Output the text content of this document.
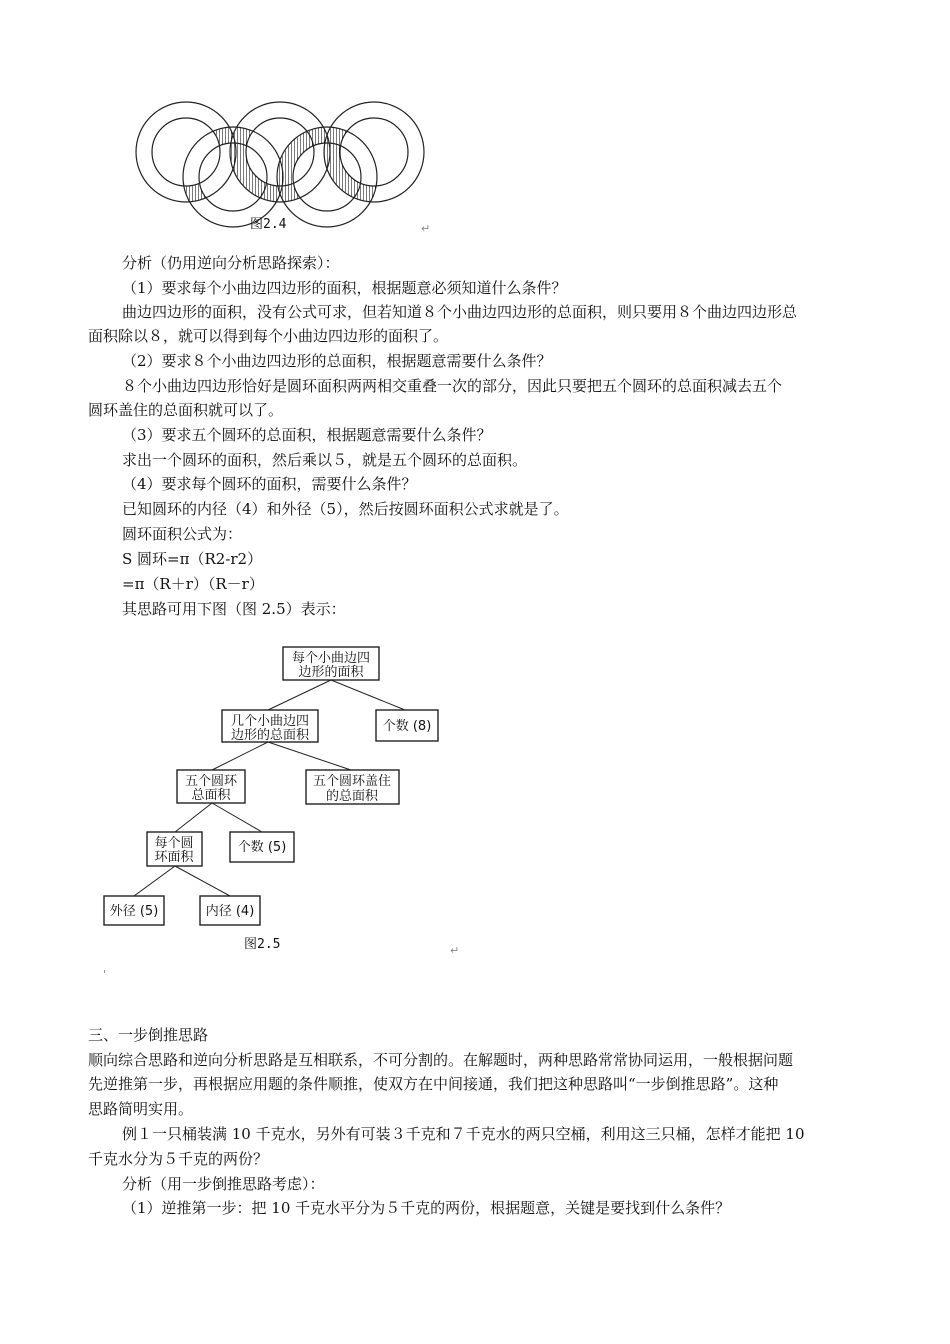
图2.4	↵
分析（仍用逆向分析思路探索）：
（1）要求每个小曲边四边形的面积，根据题意必须知道什么条件？
曲边四边形的面积，没有公式可求，但若知道８个小曲边四边形的总面积，则只要用８个曲边四边形总
面积除以８，就可以得到每个小曲边四边形的面积了。
（2）要求８个小曲边四边形的总面积，根据题意需要什么条件？
８个小曲边四边形恰好是圆环面积两两相交重叠一次的部分，因此只要把五个圆环的总面积减去五个
圆环盖住的总面积就可以了。
（3）要求五个圆环的总面积，根据题意需要什么条件？
求出一个圆环的面积，然后乘以５，就是五个圆环的总面积。
（4）要求每个圆环的面积，需要什么条件？
已知圆环的内径（4）和外径（5），然后按圆环面积公式求就是了。
圆环面积公式为：
S 圆环=π（R2-r2）
=π（R＋r）（R－r）
其思路可用下图（图 2.5）表示：
每个小曲边四
边形的面积
几个小曲边四
边形的总面积
个数 (8)
五个圆环
总面积
五个圆环盖住
的总面积
每个圆
环面积
个数 (5)
外径 (5)	内径 (4)
图2.5	↵
'
三、一步倒推思路
顺向综合思路和逆向分析思路是互相联系，不可分割的。在解题时，两种思路常常协同运用，一般根据问题
先逆推第一步，再根据应用题的条件顺推，使双方在中间接通，我们把这种思路叫“一步倒推思路”。这种
思路简明实用。
例１一只桶装满 10 千克水，另外有可装３千克和７千克水的两只空桶，利用这三只桶，怎样才能把 10
千克水分为５千克的两份？
分析（用一步倒推思路考虑）：
（1）逆推第一步：把 10 千克水平分为５千克的两份，根据题意，关键是要找到什么条件？
